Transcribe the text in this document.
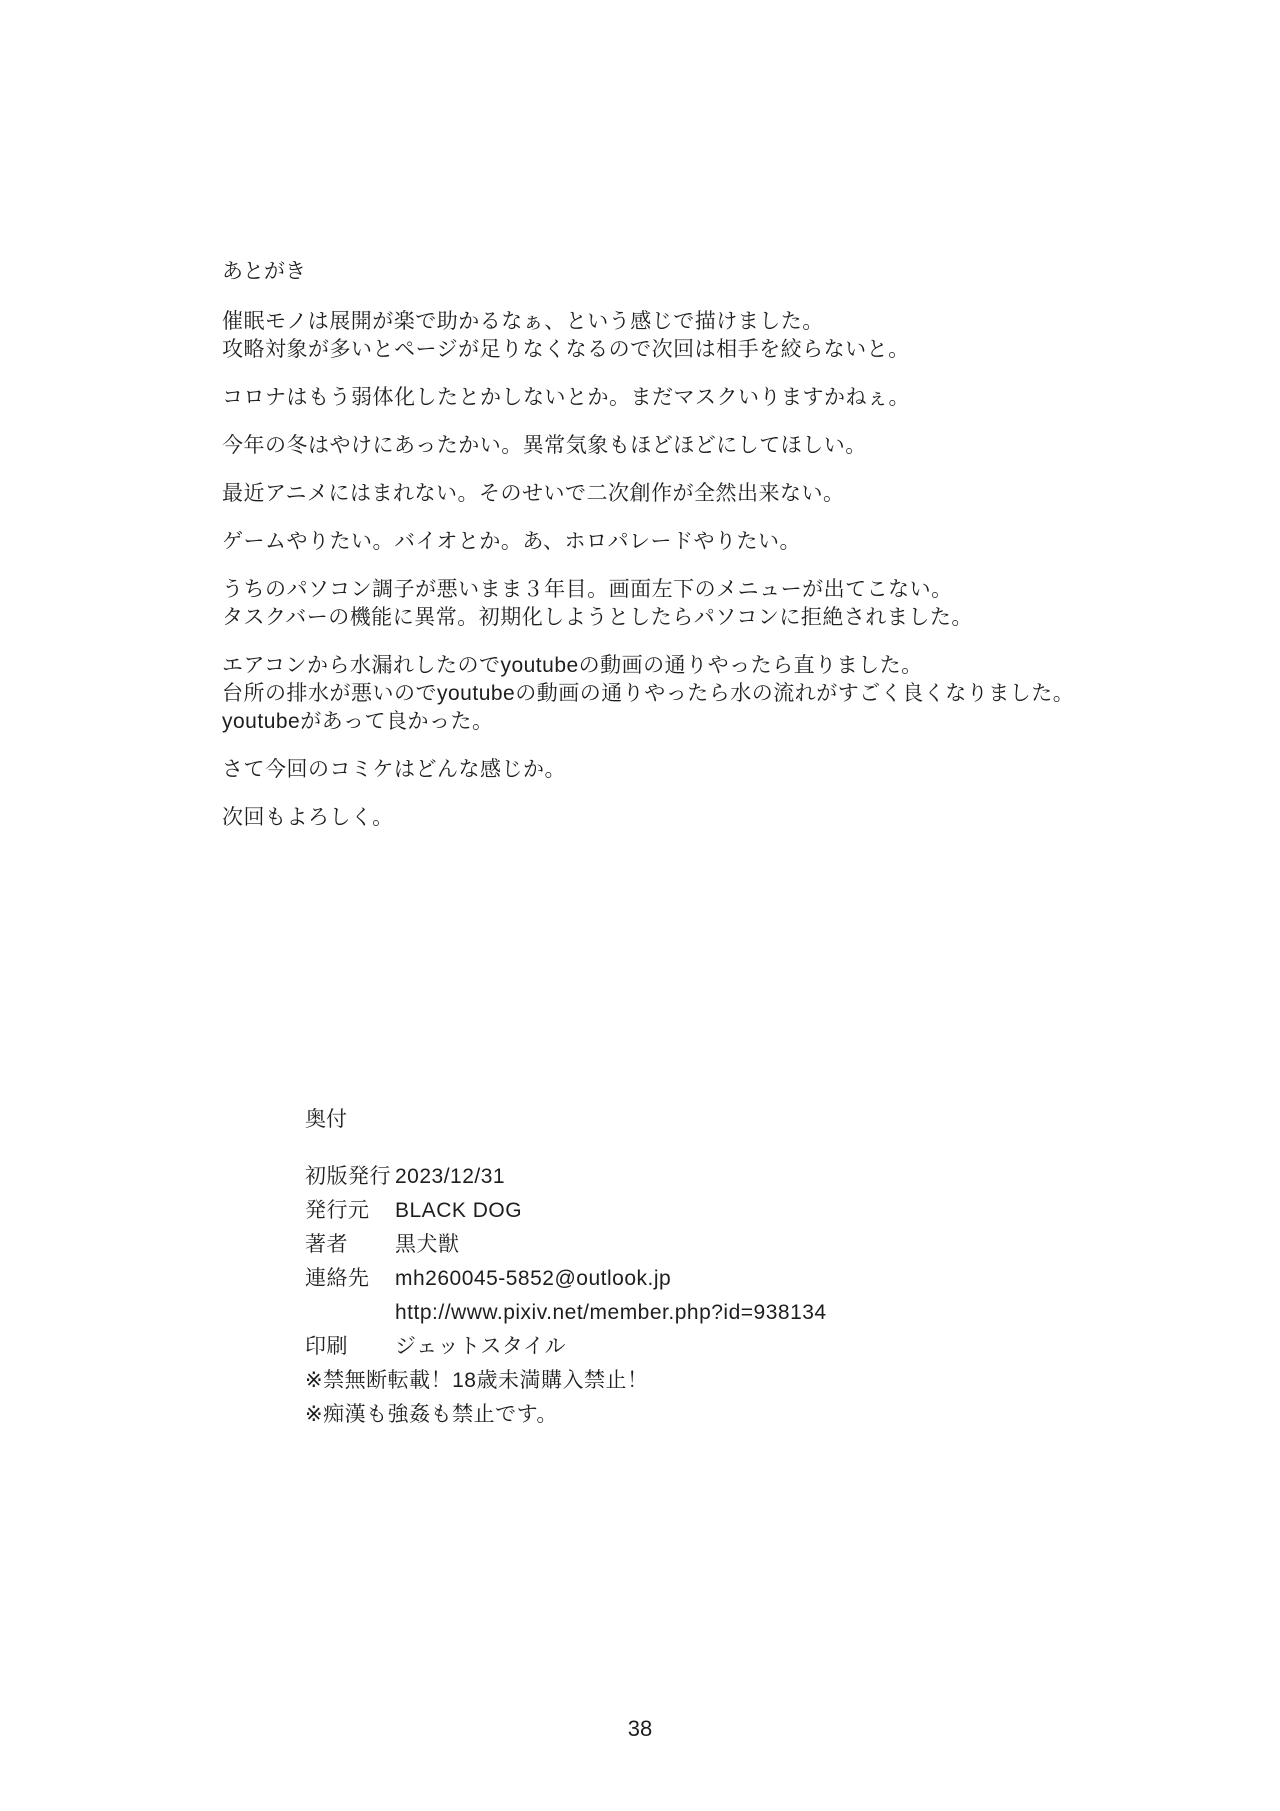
あとがき
催眠モノは展開が楽で助かるなぁ、という感じで描けました。
攻略対象が多いとページが足りなくなるので次回は相手を絞らないと。
コロナはもう弱体化したとかしないとか。まだマスクいりますかねぇ。
今年の冬はやけにあったかい。異常気象もほどほどにしてほしい。
最近アニメにはまれない。そのせいで二次創作が全然出来ない。
ゲームやりたい。バイオとか。あ、ホロパレードやりたい。
うちのパソコン調子が悪いまま３年目。画面左下のメニューが出てこない。
タスクバーの機能に異常。初期化しようとしたらパソコンに拒絶されました。
エアコンから水漏れしたのでyoutubeの動画の通りやったら直りました。
台所の排水が悪いのでyoutubeの動画の通りやったら水の流れがすごく良くなりました。
youtubeがあって良かった。
さて今回のコミケはどんな感じか。
次回もよろしく。
奥付
初版発行 2023/12/31
発行元	BLACK DOG
著者	黒犬獣
連絡先	mh260045-5852@outlook.jp
http://www.pixiv.net/member.php?id=938134
印刷	ジェットスタイル
※禁無断転載！18歳未満購入禁止！
※痴漢も強姦も禁止です。
38
